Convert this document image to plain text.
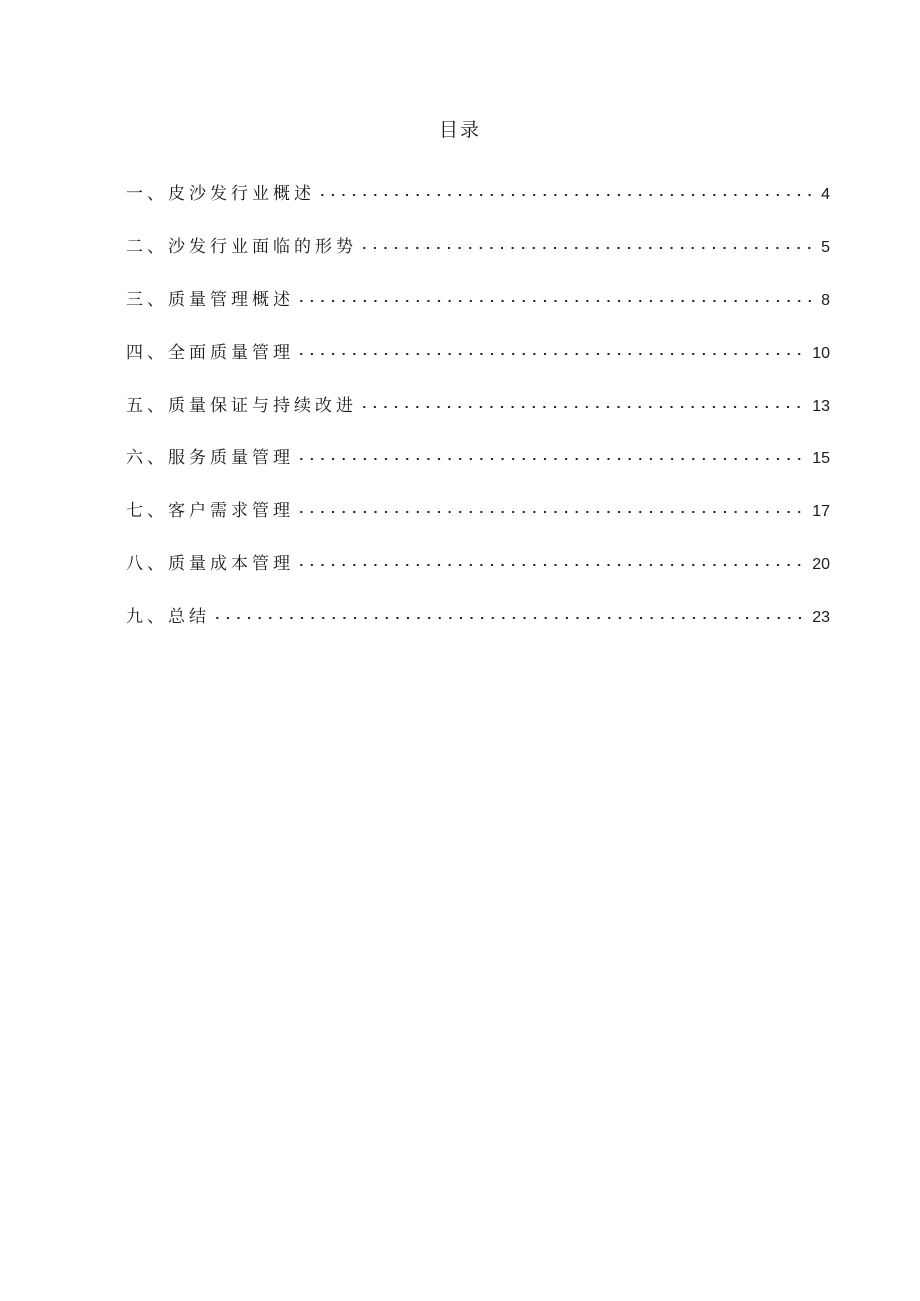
目录
一、皮沙发行业概述	4
二、沙发行业面临的形势	5
三、质量管理概述	8
四、全面质量管理	10
五、质量保证与持续改进	13
六、服务质量管理	15
七、客户需求管理	17
八、质量成本管理	20
九、总结	23
